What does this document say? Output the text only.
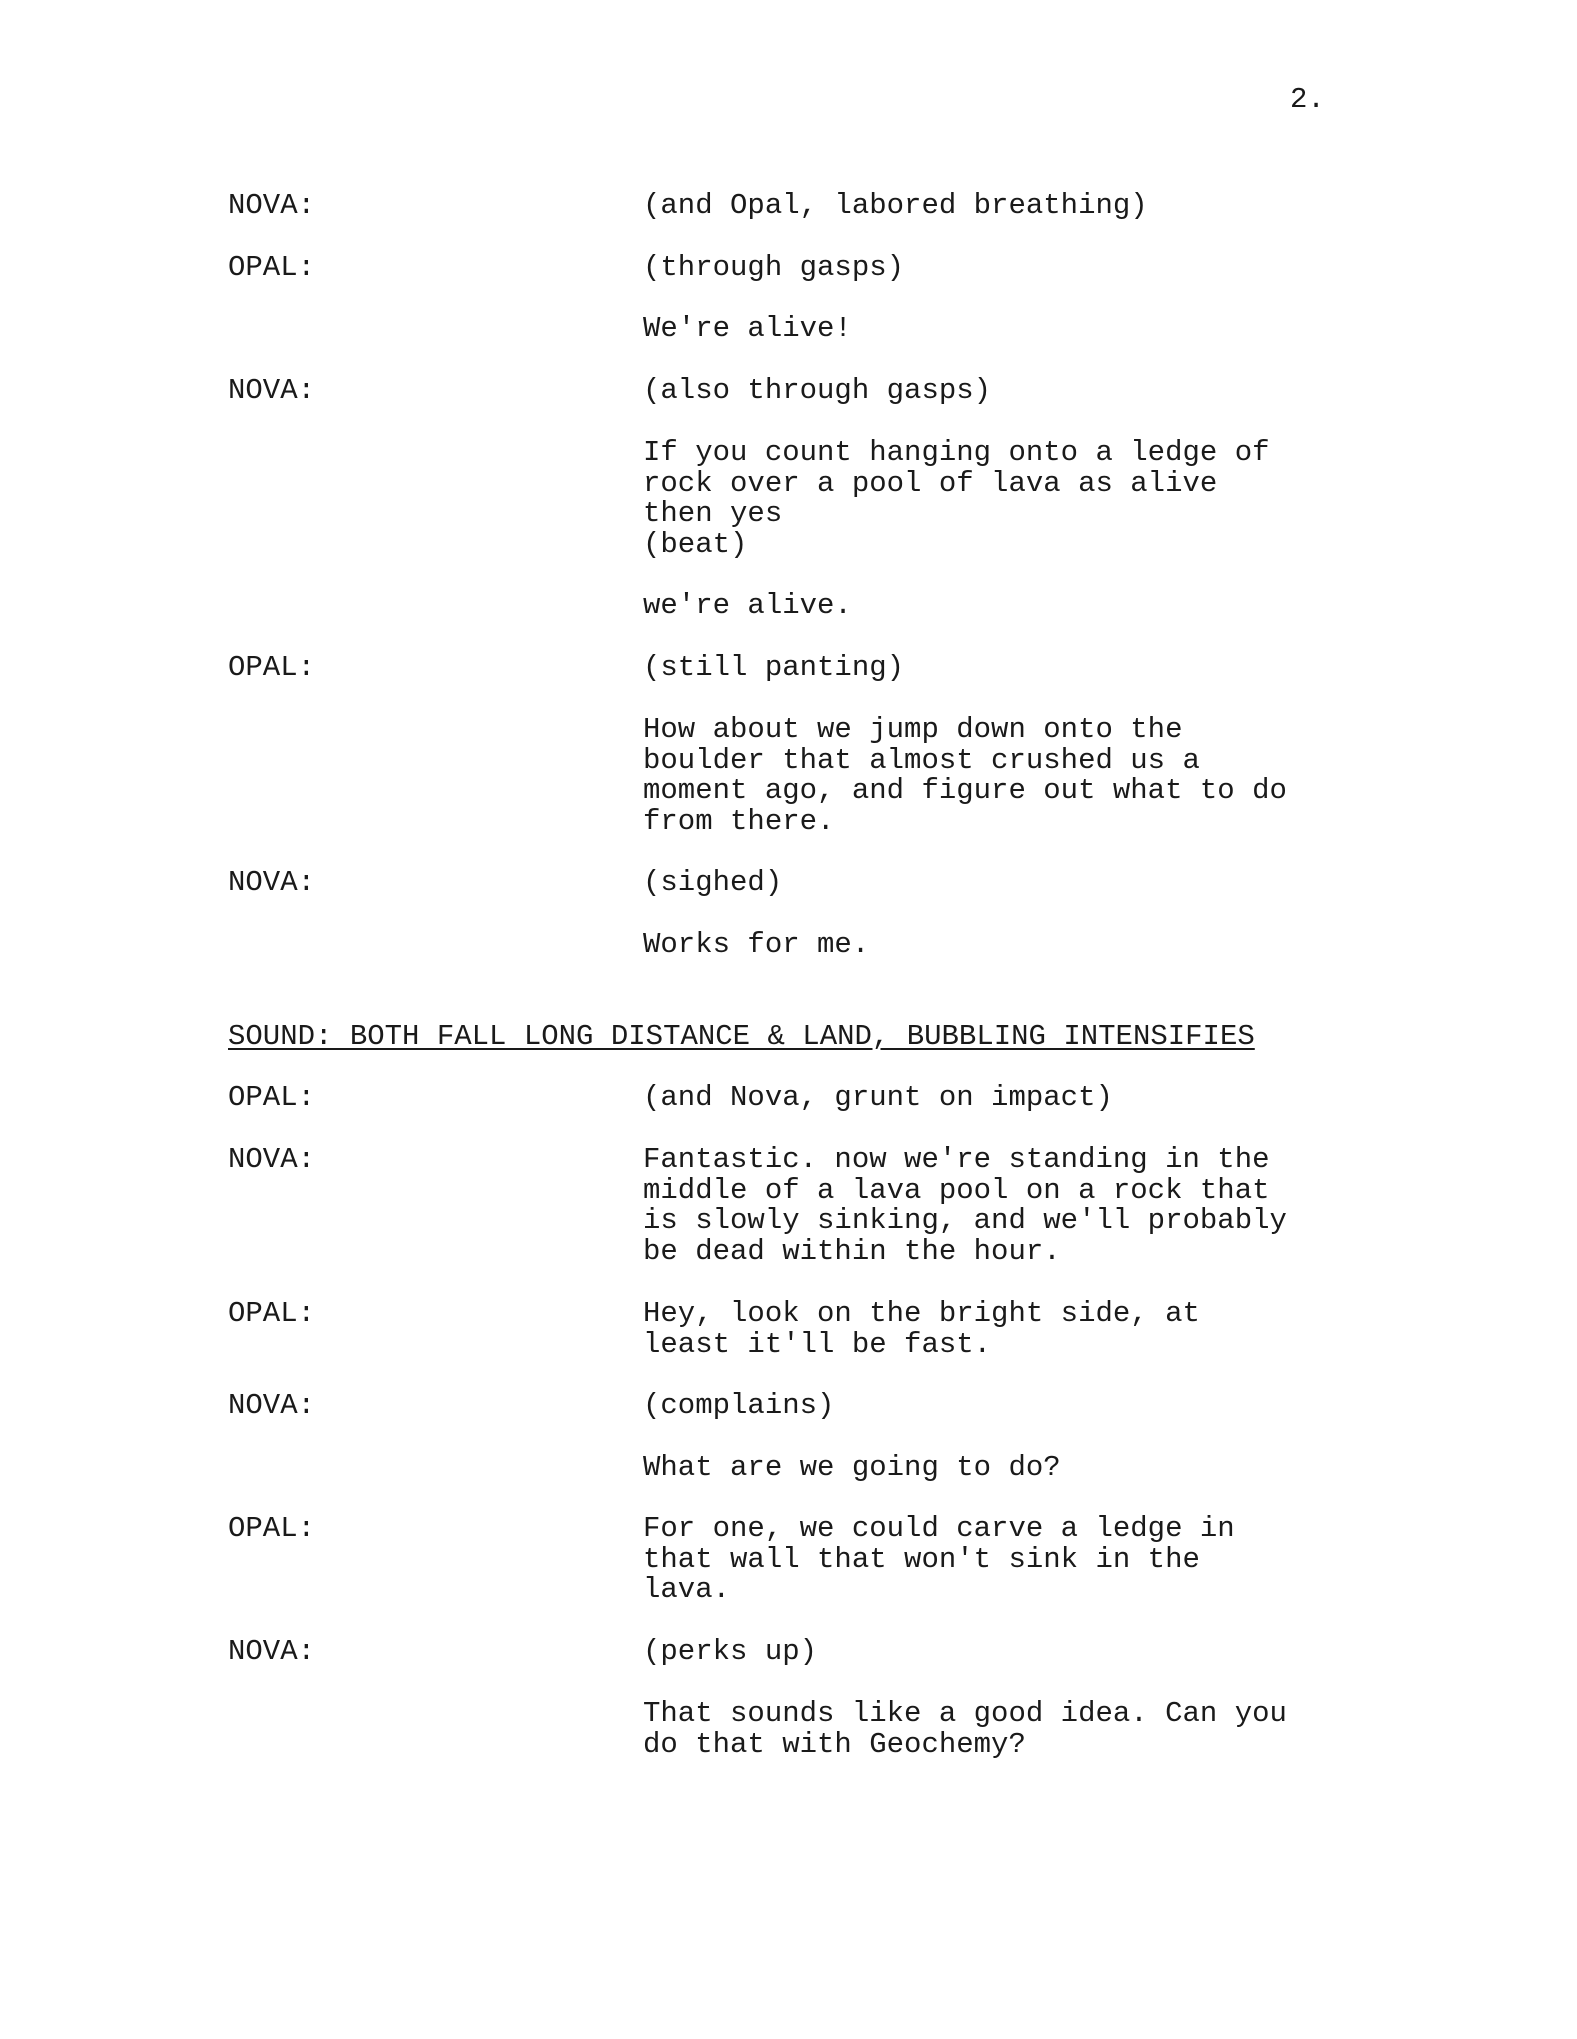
2.
NOVA:	(and Opal, labored breathing)
OPAL:	(through gasps)
We're alive!
NOVA:	(also through gasps)
If you count hanging onto a ledge of
rock over a pool of lava as alive
then yes
(beat)
we're alive.
OPAL:	(still panting)
How about we jump down onto the
boulder that almost crushed us a
moment ago, and figure out what to do
from there.
NOVA:	(sighed)
Works for me.
SOUND: BOTH FALL LONG DISTANCE & LAND, BUBBLING INTENSIFIES
OPAL:	(and Nova, grunt on impact)
NOVA:	Fantastic. now we're standing in the
middle of a lava pool on a rock that
is slowly sinking, and we'll probably
be dead within the hour.
OPAL:	Hey, look on the bright side, at
least it'll be fast.
NOVA:	(complains)
What are we going to do?
OPAL:	For one, we could carve a ledge in
that wall that won't sink in the
lava.
NOVA:	(perks up)
That sounds like a good idea. Can you
do that with Geochemy?
